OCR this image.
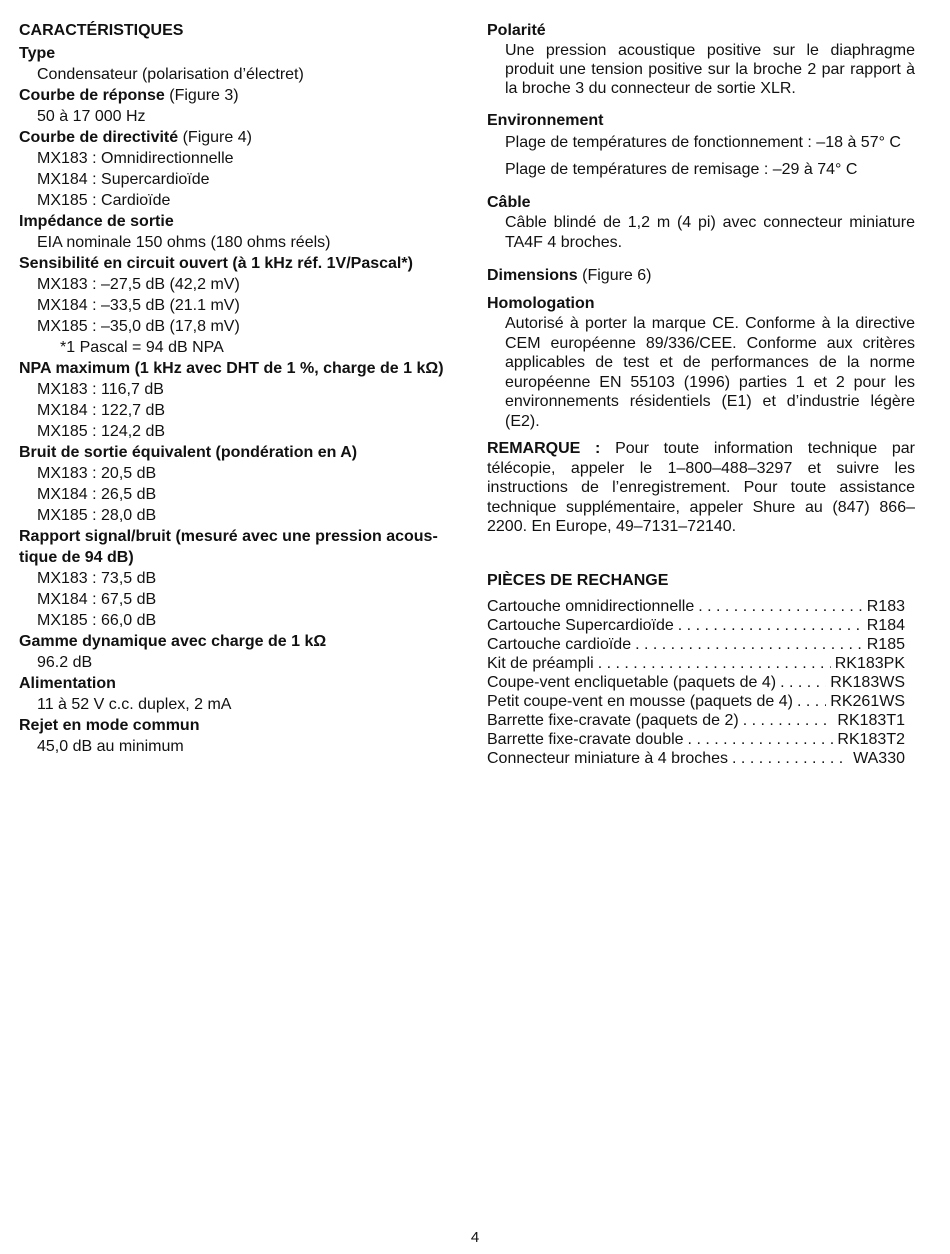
CARACTÉRISTIQUES
Type
Condensateur (polarisation d’électret)
Courbe de réponse (Figure 3)
50 à 17 000 Hz
Courbe de directivité (Figure 4)
MX183 : Omnidirectionnelle
MX184 : Supercardioïde
MX185 : Cardioïde
Impédance de sortie
EIA nominale 150 ohms (180 ohms réels)
Sensibilité en circuit ouvert (à 1 kHz réf. 1V/Pascal*)
MX183 : –27,5 dB (42,2 mV)
MX184 : –33,5 dB (21.1 mV)
MX185 : –35,0 dB (17,8 mV)
*1 Pascal = 94 dB NPA
NPA maximum (1 kHz avec DHT de 1 %, charge de 1 kΩ)
MX183 : 116,7 dB
MX184 : 122,7 dB
MX185 : 124,2 dB
Bruit de sortie équivalent (pondération en A)
MX183 : 20,5 dB
MX184 : 26,5 dB
MX185 : 28,0 dB
Rapport signal/bruit (mesuré avec une pression acous-
tique de 94 dB)
MX183 : 73,5 dB
MX184 : 67,5 dB
MX185 : 66,0 dB
Gamme dynamique avec charge de 1 kΩ
96.2 dB
Alimentation
11 à 52 V c.c. duplex, 2 mA
Rejet en mode commun
45,0 dB au minimum
Polarité
Une pression acoustique positive sur le diaphragme produit une tension positive sur la broche 2 par rapport à la broche 3 du connecteur de sortie XLR.
Environnement
Plage de températures de fonctionnement : –18 à 57° C
Plage de températures de remisage : –29 à 74° C
Câble
Câble blindé de 1,2 m (4 pi) avec connecteur miniature TA4F 4 broches.
Dimensions (Figure 6)
Homologation
Autorisé à porter la marque CE. Conforme à la directive CEM européenne 89/336/CEE. Conforme aux critères applicables de test et de performances de la norme européenne EN 55103 (1996) parties 1 et 2 pour les environnements résidentiels (E1) et d’industrie légère (E2).
REMARQUE : Pour toute information technique par télécopie, appeler le 1–800–488–3297 et suivre les instructions de l’enregistrement. Pour toute assistance technique supplémentaire, appeler Shure au (847) 866–2200. En Europe, 49–7131–72140.
PIÈCES DE RECHANGE
Cartouche omnidirectionnelle . . .	R183
Cartouche Supercardioïde . . .	R184
Cartouche cardioïde . . .	R185
Kit de préampli . . .	RK183PK
Coupe-vent encliquetable (paquets de 4) . . .	RK183WS
Petit coupe-vent en mousse (paquets de 4) . . . RK261WS
Barrette fixe-cravate (paquets de 2) . . .	RK183T1
Barrette fixe-cravate double . . .	RK183T2
Connecteur miniature à 4 broches . . .	WA330
4
